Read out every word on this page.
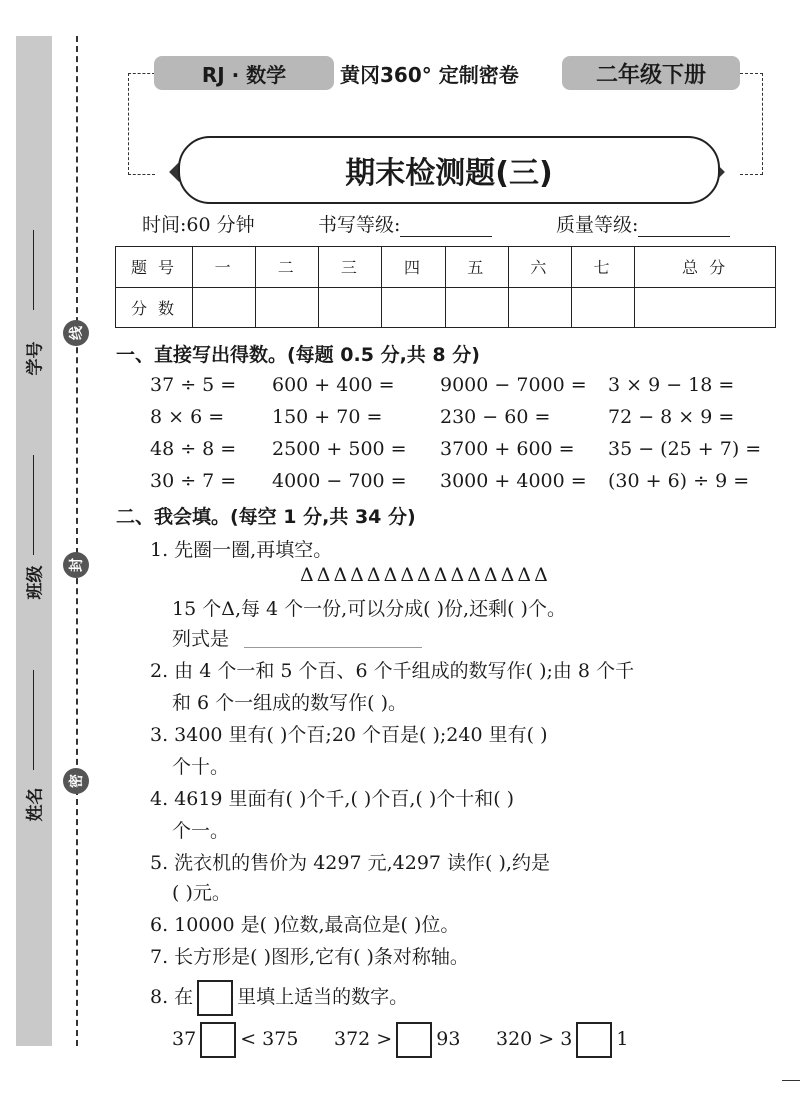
学号
班级
姓名
线
封
密
RJ · 数学	黄冈360° 定制密卷	二年级下册
期末检测题(三)
时间:60 分钟	书写等级:	质量等级:
题 号	一	二	三	四	五	六	七	总 分
分 数								
一、直接写出得数。(每题 0.5 分,共 8 分)
37 ÷ 5 = 600 + 400 = 9000 − 7000 = 3 × 9 − 18 =
8 × 6 =	150 + 70 =	230 − 60 =	72 − 8 × 9 =
48 ÷ 8 = 2500 + 500 = 3700 + 600 = 35 − (25 + 7) =
30 ÷ 7 = 4000 − 700 = 3000 + 4000 = (30 + 6) ÷ 9 =
二、我会填。(每空 1 分,共 34 分)
1. 先圈一圈,再填空。
ΔΔΔΔΔΔΔΔΔΔΔΔΔΔΔ
15 个Δ,每 4 个一份,可以分成( )份,还剩( )个。
列式是
2. 由 4 个一和 5 个百、6 个千组成的数写作( );由 8 个千
和 6 个一组成的数写作( )。
3. 3400 里有( )个百;20 个百是( );240 里有( )
个十。
4. 4619 里面有( )个千,( )个百,( )个十和( )
个一。
5. 洗衣机的售价为 4297 元,4297 读作( ),约是
( )元。
6. 10000 是( )位数,最高位是( )位。
7. 长方形是( )图形,它有( )条对称轴。
8. 在 里填上适当的数字。
37 < 375 372 > 93 320 > 3 1
